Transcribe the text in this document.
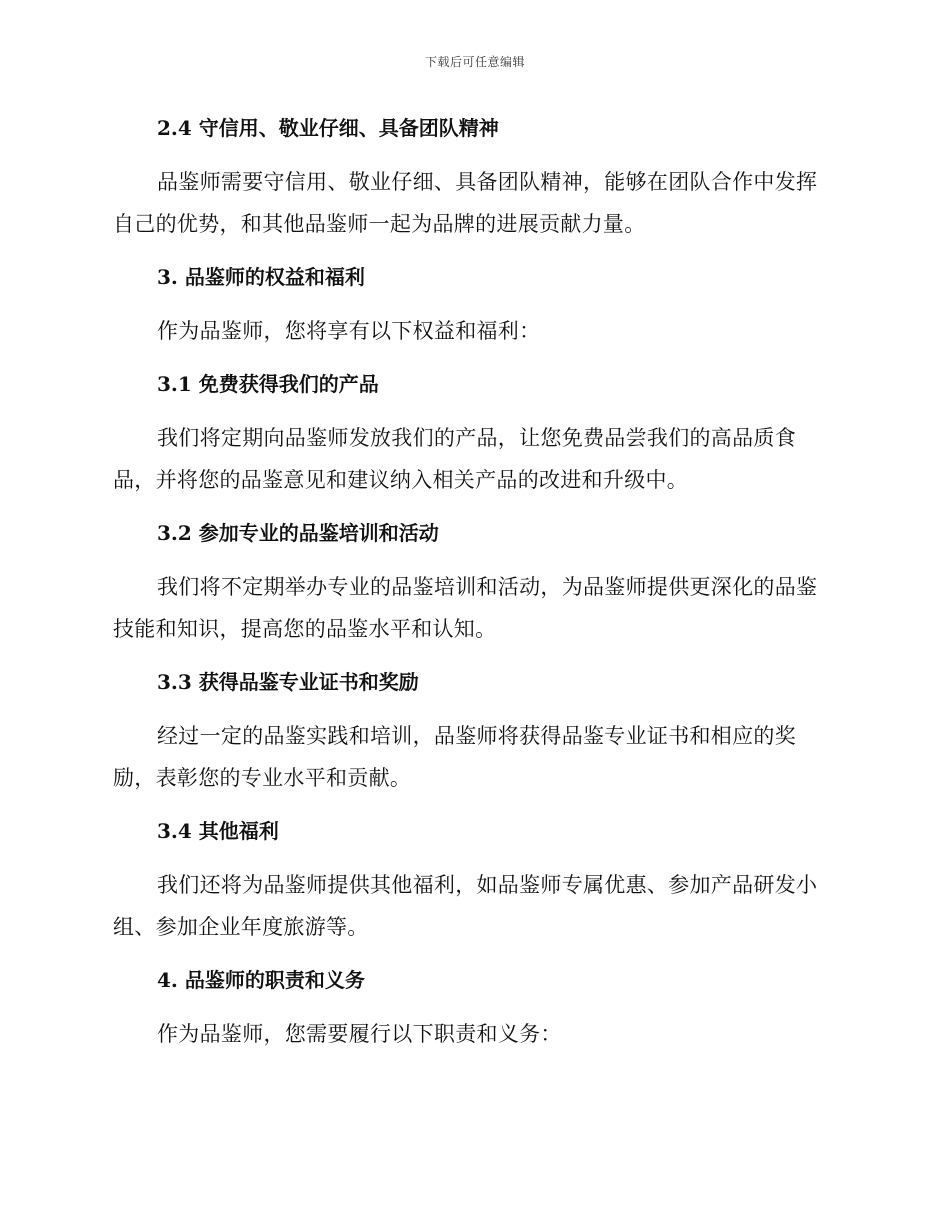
下载后可任意编辑
2.4 守信用、敬业仔细、具备团队精神

品鉴师需要守信用、敬业仔细、具备团队精神，能够在团队合作中发挥自己的优势，和其他品鉴师一起为品牌的进展贡献力量。

3. 品鉴师的权益和福利

作为品鉴师，您将享有以下权益和福利：

3.1 免费获得我们的产品

我们将定期向品鉴师发放我们的产品，让您免费品尝我们的高品质食品，并将您的品鉴意见和建议纳入相关产品的改进和升级中。

3.2 参加专业的品鉴培训和活动

我们将不定期举办专业的品鉴培训和活动，为品鉴师提供更深化的品鉴技能和知识，提高您的品鉴水平和认知。

3.3 获得品鉴专业证书和奖励

经过一定的品鉴实践和培训，品鉴师将获得品鉴专业证书和相应的奖励，表彰您的专业水平和贡献。

3.4 其他福利

我们还将为品鉴师提供其他福利，如品鉴师专属优惠、参加产品研发小组、参加企业年度旅游等。

4. 品鉴师的职责和义务

作为品鉴师，您需要履行以下职责和义务：
